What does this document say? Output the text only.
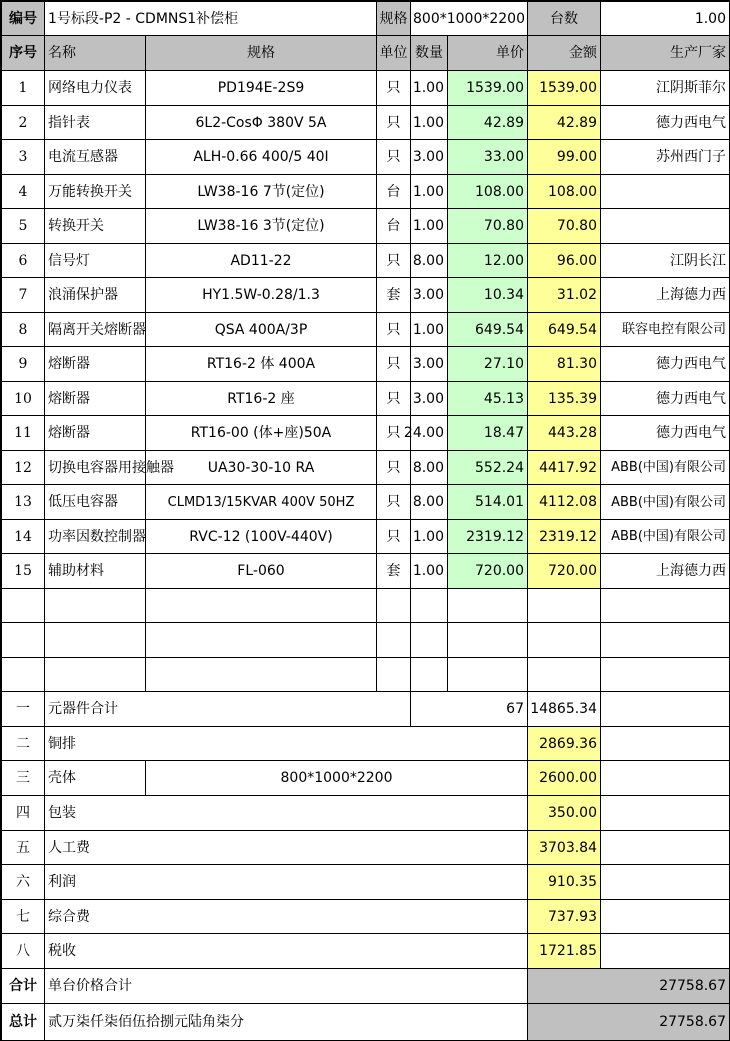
编号 1号标段-P2 - CDMNS1补偿柜	规格 800*1000*2200	台数	1.00
序号 名称	规格	单位 数量	单价	金额	生产厂家
1	网络电力仪表	PD194E-2S9	只 1.00	1539.00	1539.00	江阴斯菲尔
2	指针表	6L2-CosΦ 380V 5A	只 1.00	42.89	42.89	德力西电气
3	电流互感器	ALH-0.66 400/5 40I	只 3.00	33.00	99.00	苏州西门子
4	万能转换开关	LW38-16 7节(定位)	台 1.00	108.00	108.00
5	转换开关	LW38-16 3节(定位)	台 1.00	70.80	70.80
6	信号灯	AD11-22	只 8.00	12.00	96.00	江阴长江
7	浪涌保护器	HY1.5W-0.28/1.3	套 3.00	10.34	31.02	上海德力西
8	隔离开关熔断器	QSA 400A/3P	只 1.00	649.54	649.54	联容电控有限公司
9	熔断器	RT16-2 体 400A	只 3.00	27.10	81.30	德力西电气
10	熔断器	RT16-2 座	只 3.00	45.13	135.39	德力西电气
11	熔断器	RT16-00 (体+座)50A	只 24.00	18.47	443.28	德力西电气
12	切换电容器用接触器	UA30-30-10 RA	只 8.00	552.24	4417.92	ABB(中国)有限公司
13	低压电容器	CLMD13/15KVAR 400V 50HZ	只 8.00	514.01	4112.08	ABB(中国)有限公司
14	功率因数控制器	RVC-12 (100V-440V)	只 1.00	2319.12	2319.12	ABB(中国)有限公司
15	辅助材料	FL-060	套 1.00	720.00	720.00	上海德力西
一	元器件合计	67 14865.34
二	铜排	2869.36
三	壳体	800*1000*2200	2600.00
四	包装	350.00
五	人工费	3703.84
六	利润	910.35
七	综合费	737.93
八	税收	1721.85
合计 单台价格合计	27758.67
总计 贰万柒仟柒佰伍拾捌元陆角柒分	27758.67
